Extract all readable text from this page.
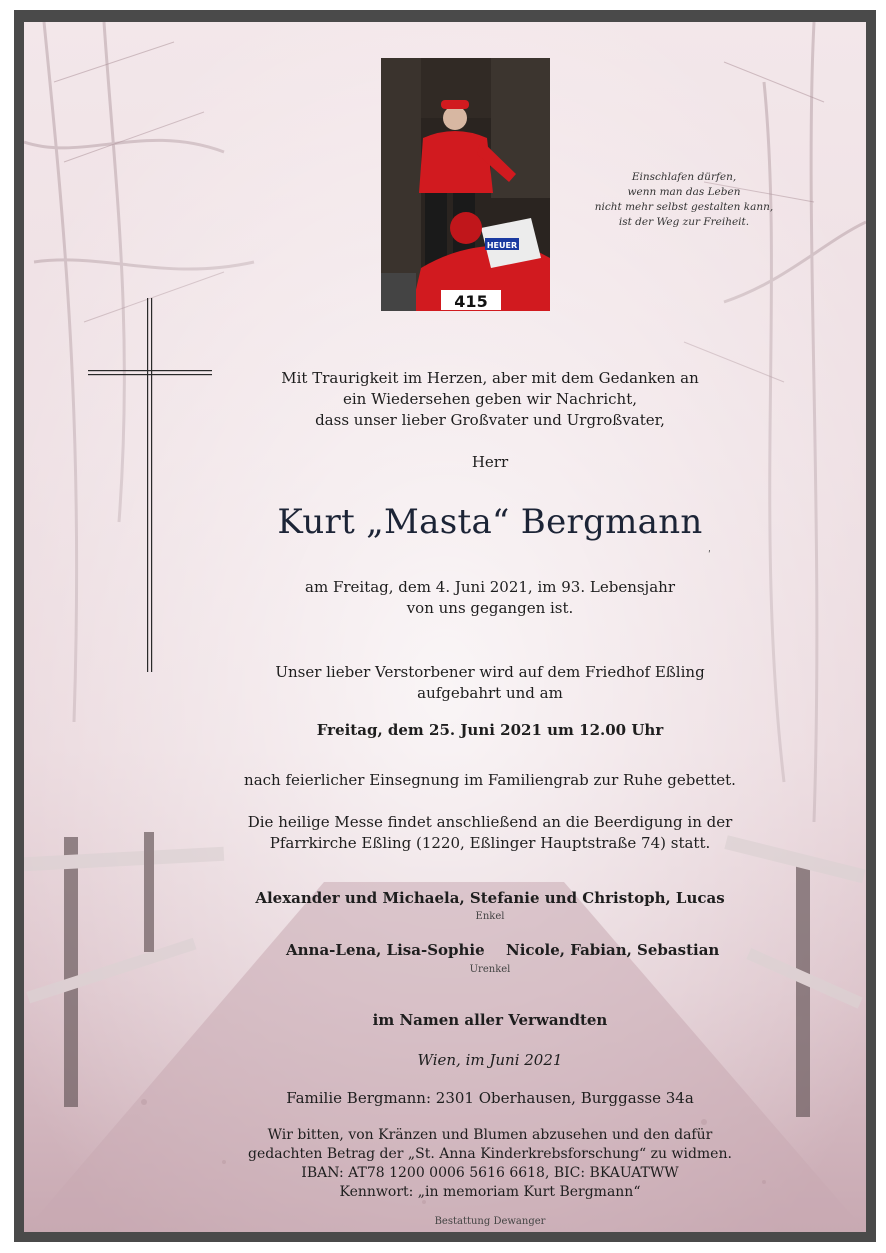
HEUER
415
Einschlafen dürfen,
wenn man das Leben
nicht mehr selbst gestalten kann,
ist der Weg zur Freiheit.
Mit Traurigkeit im Herzen, aber mit dem Gedanken an
ein Wiedersehen geben wir Nachricht,
dass unser lieber Großvater und Urgroßvater,
Herr
Kurt „Masta“ Bergmann
ʹ
am Freitag, dem 4. Juni 2021, im 93. Lebensjahr
von uns gegangen ist.
Unser lieber Verstorbener wird auf dem Friedhof Eßling
aufgebahrt und am
Freitag, dem 25. Juni 2021 um 12.00 Uhr
nach feierlicher Einsegnung im Familiengrab zur Ruhe gebettet.
Die heilige Messe findet anschließend an die Beerdigung in der
Pfarrkirche Eßling (1220, Eßlinger Hauptstraße 74) statt.
Alexander und Michaela, Stefanie und Christoph, Lucas
Enkel
Anna-Lena, Lisa-Sophie Nicole, Fabian, Sebastian
Urenkel
im Namen aller Verwandten
Wien, im Juni 2021
Familie Bergmann: 2301 Oberhausen, Burggasse 34a
Wir bitten, von Kränzen und Blumen abzusehen und den dafür
gedachten Betrag der „St. Anna Kinderkrebsforschung“ zu widmen.
IBAN: AT78 1200 0006 5616 6618, BIC: BKAUATWW
Kennwort: „in memoriam Kurt Bergmann“
Bestattung Dewanger
